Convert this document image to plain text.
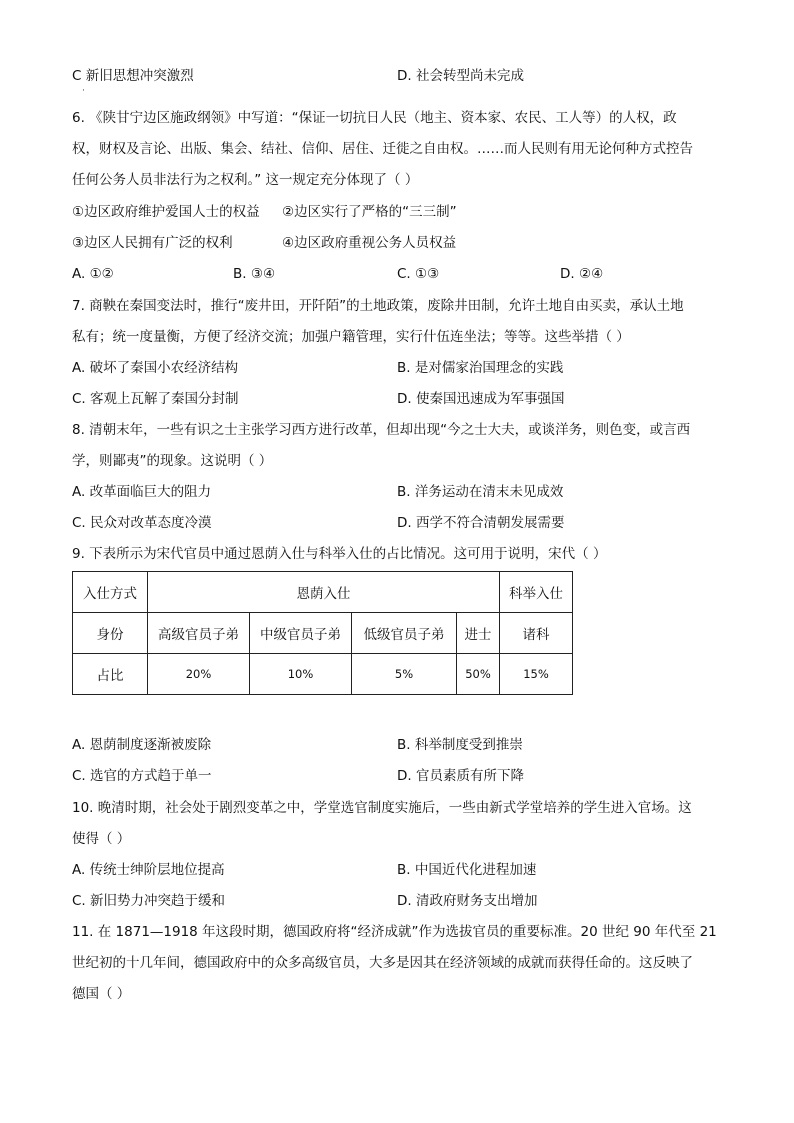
C 新旧思想冲突激烈	D. 社会转型尚未完成
·
6. 《陕甘宁边区施政纲领》中写道：“保证一切抗日人民（地主、资本家、农民、工人等）的人权，政
权，财权及言论、出版、集会、结社、信仰、居住、迁徙之自由权。……而人民则有用无论何种方式控告
任何公务人员非法行为之权利。” 这一规定充分体现了（ ）
①边区政府维护爱国人士的权益 ②边区实行了严格的“三三制”
③边区人民拥有广泛的权利	④边区政府重视公务人员权益
A. ①②	B. ③④	C. ①③	D. ②④
7. 商鞅在秦国变法时，推行“废井田，开阡陌”的土地政策，废除井田制，允许土地自由买卖，承认土地
私有；统一度量衡，方便了经济交流；加强户籍管理，实行什伍连坐法；等等。这些举措（ ）
A. 破坏了秦国小农经济结构	B. 是对儒家治国理念的实践
C. 客观上瓦解了秦国分封制	D. 使秦国迅速成为军事强国
8. 清朝末年，一些有识之士主张学习西方进行改革，但却出现“今之士大夫，或谈洋务，则色变，或言西
学，则鄙夷”的现象。这说明（ ）
A. 改革面临巨大的阻力	B. 洋务运动在清末未见成效
C. 民众对改革态度冷漠	D. 西学不符合清朝发展需要
9. 下表所示为宋代官员中通过恩荫入仕与科举入仕的占比情况。这可用于说明，宋代（ ）
入仕方式	恩荫入仕				科举入仕
身份	高级官员子弟	中级官员子弟	低级官员子弟	进士	诸科
占比	20%	10%	5%	50%	15%
A. 恩荫制度逐渐被废除	B. 科举制度受到推崇
C. 选官的方式趋于单一	D. 官员素质有所下降
10. 晚清时期，社会处于剧烈变革之中，学堂选官制度实施后，一些由新式学堂培养的学生进入官场。这
使得（ ）
A. 传统士绅阶层地位提高	B. 中国近代化进程加速
C. 新旧势力冲突趋于缓和	D. 清政府财务支出增加
11. 在 1871—1918 年这段时期，德国政府将“经济成就”作为选拔官员的重要标准。20 世纪 90 年代至 21
世纪初的十几年间，德国政府中的众多高级官员，大多是因其在经济领域的成就而获得任命的。这反映了
德国（ ）
